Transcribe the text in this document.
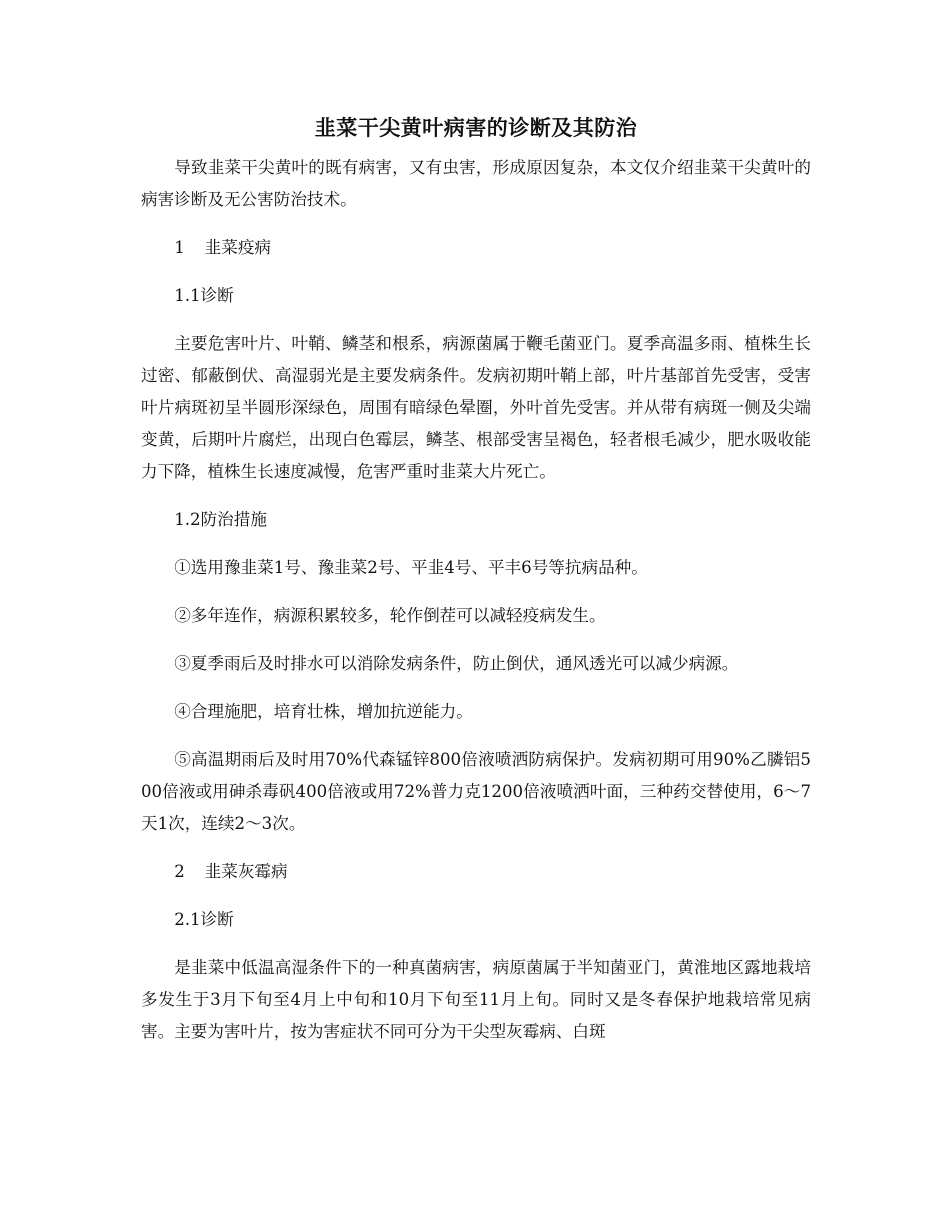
韭菜干尖黄叶病害的诊断及其防治

导致韭菜干尖黄叶的既有病害，又有虫害，形成原因复杂，本文仅介绍韭菜干尖黄叶的病害诊断及无公害防治技术。

1 韭菜疫病

1.1诊断

主要危害叶片、叶鞘、鳞茎和根系，病源菌属于鞭毛菌亚门。夏季高温多雨、植株生长过密、郁蔽倒伏、高湿弱光是主要发病条件。发病初期叶鞘上部，叶片基部首先受害，受害叶片病斑初呈半圆形深绿色，周围有暗绿色晕圈，外叶首先受害。并从带有病斑一侧及尖端变黄，后期叶片腐烂，出现白色霉层，鳞茎、根部受害呈褐色，轻者根毛减少，肥水吸收能力下降，植株生长速度减慢，危害严重时韭菜大片死亡。

1.2防治措施

①选用豫韭菜1号、豫韭菜2号、平韭4号、平丰6号等抗病品种。

②多年连作，病源积累较多，轮作倒茬可以减轻疫病发生。

③夏季雨后及时排水可以消除发病条件，防止倒伏，通风透光可以减少病源。

④合理施肥，培育壮株，增加抗逆能力。

⑤高温期雨后及时用70%代森锰锌800倍液喷洒防病保护。发病初期可用90%乙膦铝500倍液或用砷杀毒矾400倍液或用72%普力克1200倍液喷洒叶面，三种药交替使用，6～7天1次，连续2～3次。

2 韭菜灰霉病

2.1诊断

是韭菜中低温高湿条件下的一种真菌病害，病原菌属于半知菌亚门，黄淮地区露地栽培多发生于3月下旬至4月上中旬和10月下旬至11月上旬。同时又是冬春保护地栽培常见病害。主要为害叶片，按为害症状不同可分为干尖型灰霉病、白斑
